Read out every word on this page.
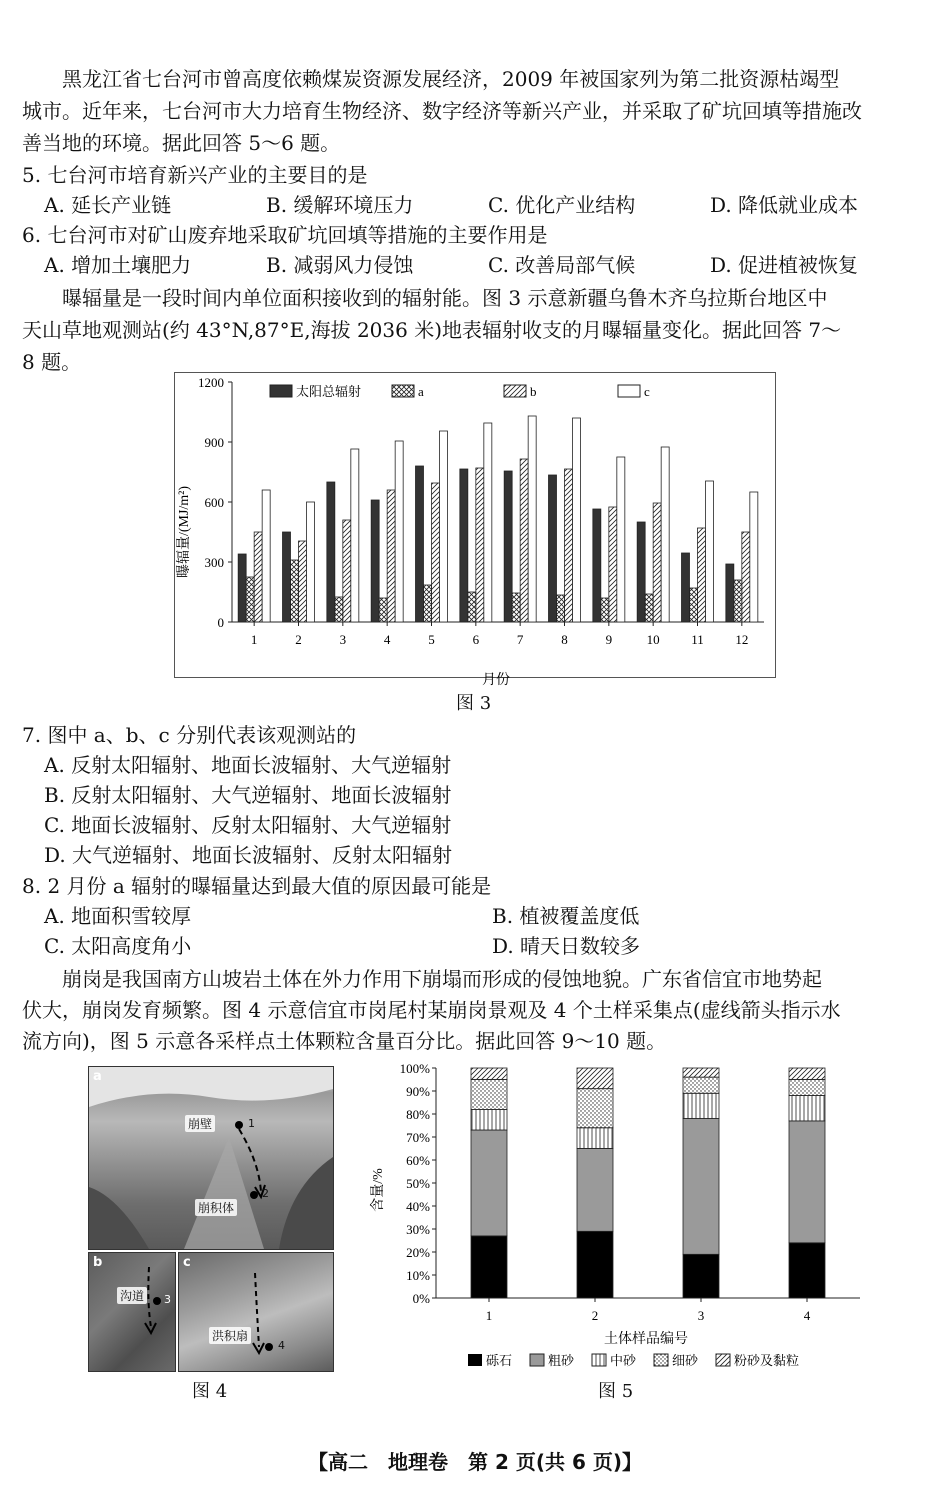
黑龙江省七台河市曾高度依赖煤炭资源发展经济，2009 年被国家列为第二批资源枯竭型
城市。近年来，七台河市大力培育生物经济、数字经济等新兴产业，并采取了矿坑回填等措施改
善当地的环境。据此回答 5～6 题。
5. 七台河市培育新兴产业的主要目的是
A. 延长产业链	B. 缓解环境压力	C. 优化产业结构	D. 降低就业成本
6. 七台河市对矿山废弃地采取矿坑回填等措施的主要作用是
A. 增加土壤肥力	B. 减弱风力侵蚀	C. 改善局部气候	D. 促进植被恢复
曝辐量是一段时间内单位面积接收到的辐射能。图 3 示意新疆乌鲁木齐乌拉斯台地区中
天山草地观测站(约 43°N,87°E,海拔 2036 米)地表辐射收支的月曝辐量变化。据此回答 7～
8 题。
0
300
600
900
1200
1	2	3	4	5	6	7	8	9	10 11 12
曝辐量/(MJ/m²)
月份
太阳总辐射	a	b	c
图 3
7. 图中 a、b、c 分别代表该观测站的
A. 反射太阳辐射、地面长波辐射、大气逆辐射
B. 反射太阳辐射、大气逆辐射、地面长波辐射
C. 地面长波辐射、反射太阳辐射、大气逆辐射
D. 大气逆辐射、地面长波辐射、反射太阳辐射
8. 2 月份 a 辐射的曝辐量达到最大值的原因最可能是
A. 地面积雪较厚	B. 植被覆盖度低
C. 太阳高度角小	D. 晴天日数较多
崩岗是我国南方山坡岩土体在外力作用下崩塌而形成的侵蚀地貌。广东省信宜市地势起
伏大，崩岗发育频繁。图 4 示意信宜市岗尾村某崩岗景观及 4 个土样采集点(虚线箭头指示水
流方向)，图 5 示意各采样点土体颗粒含量百分比。据此回答 9～10 题。
a
崩壁	1
崩积体
2
b
沟道 3
c
洪积扇
4
图 4
0%
10%
20%
30%
40%
50%
60%
70%
80%
90%
100%
1	2	3	4
含量/%
土体样品编号
砾石	粗砂	中砂	细砂	粉砂及黏粒
图 5
【高二　地理卷　第 2 页(共 6 页)】
